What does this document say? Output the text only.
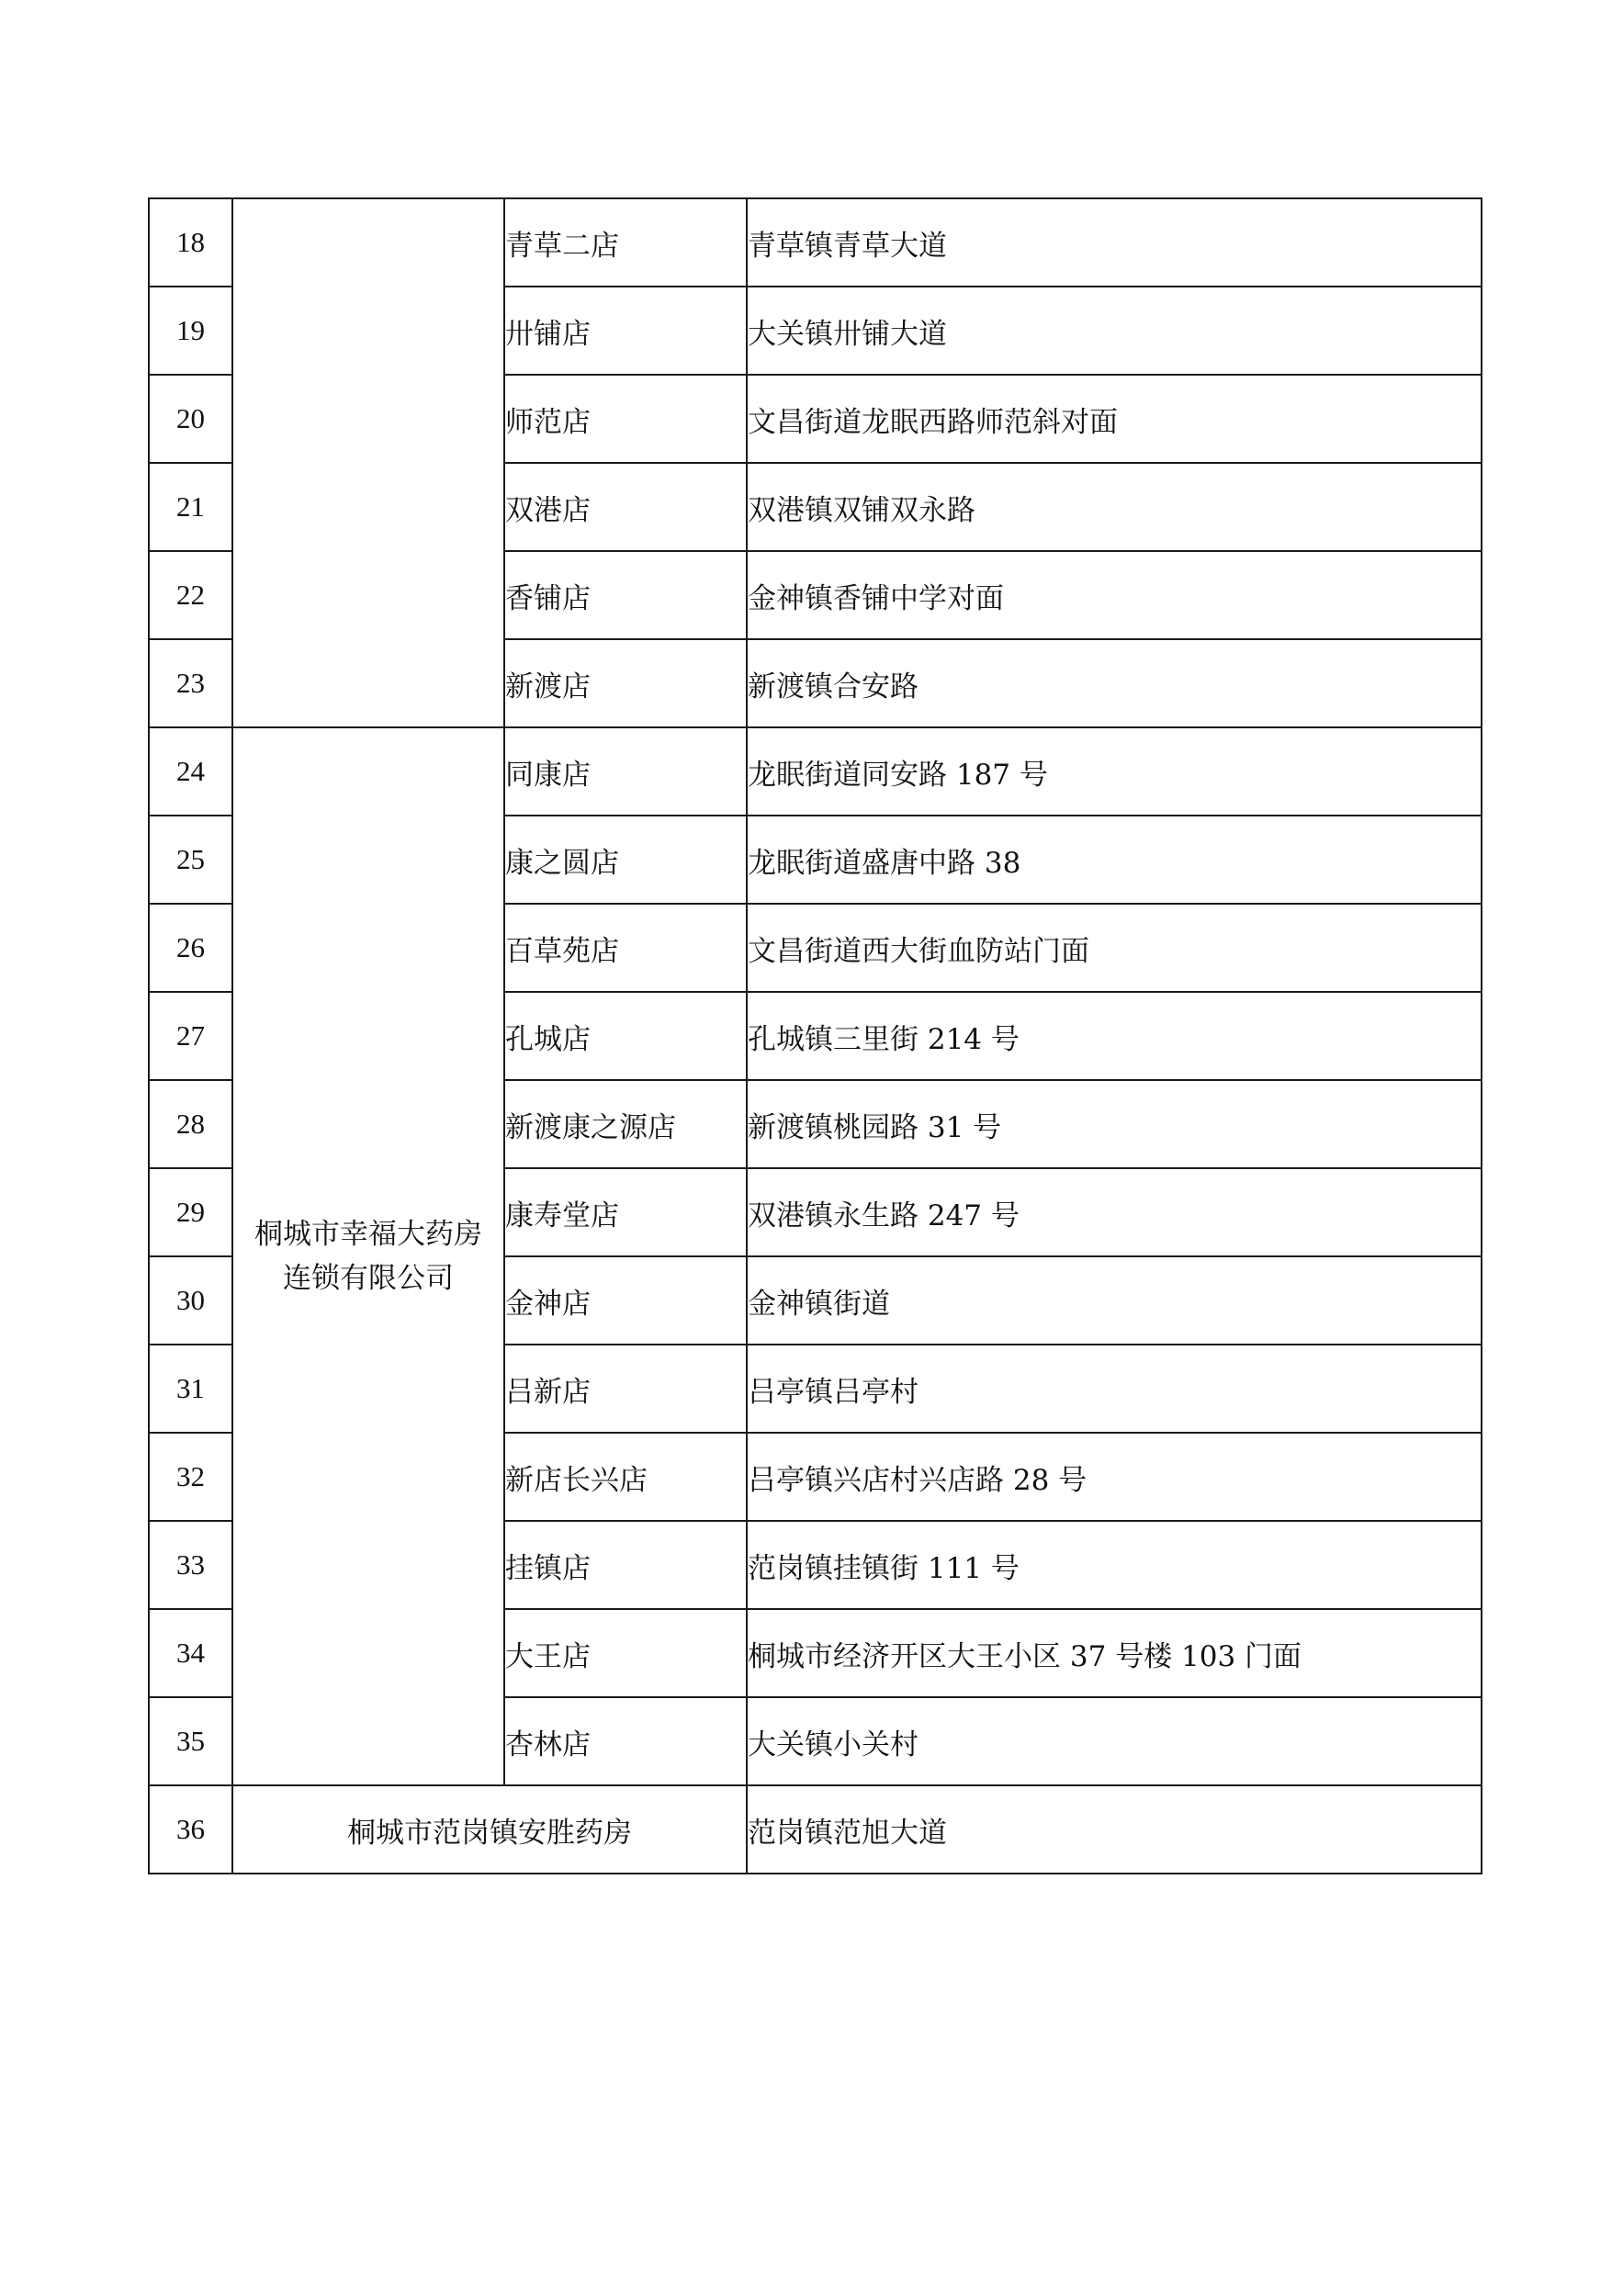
18		青草二店	青草镇青草大道
19		卅铺店	大关镇卅铺大道
20		师范店	文昌街道龙眠西路师范斜对面
21		双港店	双港镇双铺双永路
22		香铺店	金神镇香铺中学对面
23		新渡店	新渡镇合安路
24	桐城市幸福大药房
连锁有限公司	同康店	龙眠街道同安路 187 号
25		康之圆店	龙眠街道盛唐中路 38
26		百草苑店	文昌街道西大街血防站门面
27		孔城店	孔城镇三里街 214 号
28		新渡康之源店	新渡镇桃园路 31 号
29		康寿堂店	双港镇永生路 247 号
30		金神店	金神镇街道
31		吕新店	吕亭镇吕亭村
32		新店长兴店	吕亭镇兴店村兴店路 28 号
33		挂镇店	范岗镇挂镇街 111 号
34		大王店	桐城市经济开区大王小区 37 号楼 103 门面
35		杏林店	大关镇小关村
36	桐城市范岗镇安胜药房		范岗镇范旭大道
